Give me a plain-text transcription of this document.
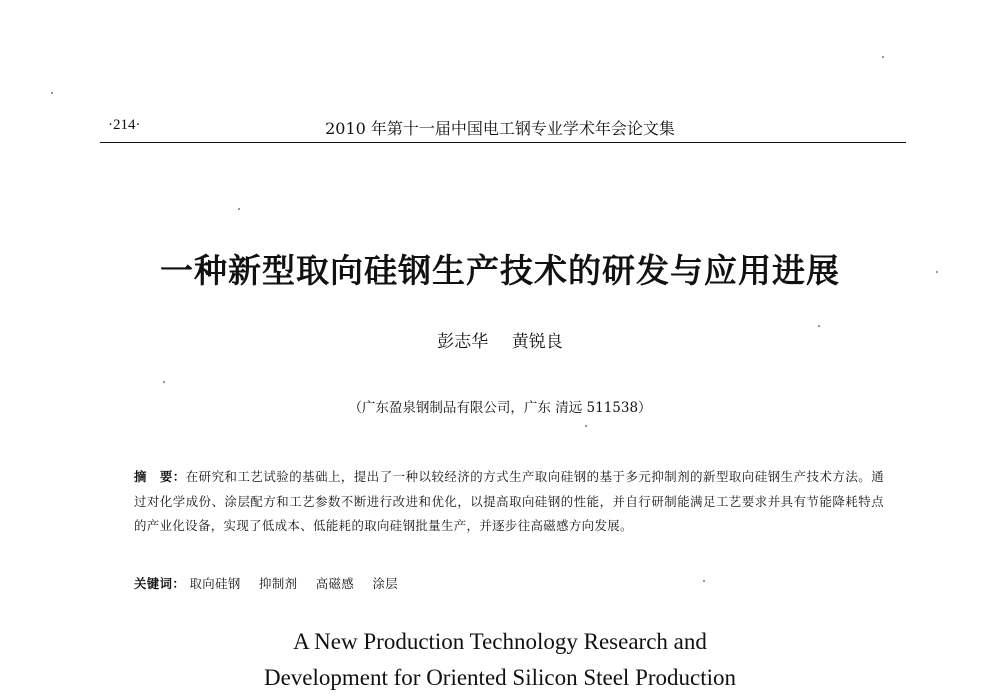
·214·	2010 年第十一届中国电工钢专业学术年会论文集
一种新型取向硅钢生产技术的研发与应用进展
彭志华 黄锐良
（广东盈泉钢制品有限公司，广东 清远 511538）
摘　要：在研究和工艺试验的基础上，提出了一种以较经济的方式生产取向硅钢的基于多元抑制剂的新型取向硅钢生产技术方法。通过对化学成份、涂层配方和工艺参数不断进行改进和优化，以提高取向硅钢的性能，并自行研制能满足工艺要求并具有节能降耗特点的产业化设备，实现了低成本、低能耗的取向硅钢批量生产，并逐步往高磁感方向发展。
关键词： 取向硅钢 抑制剂 高磁感 涂层
A New Production Technology Research and
Development for Oriented Silicon Steel Production
